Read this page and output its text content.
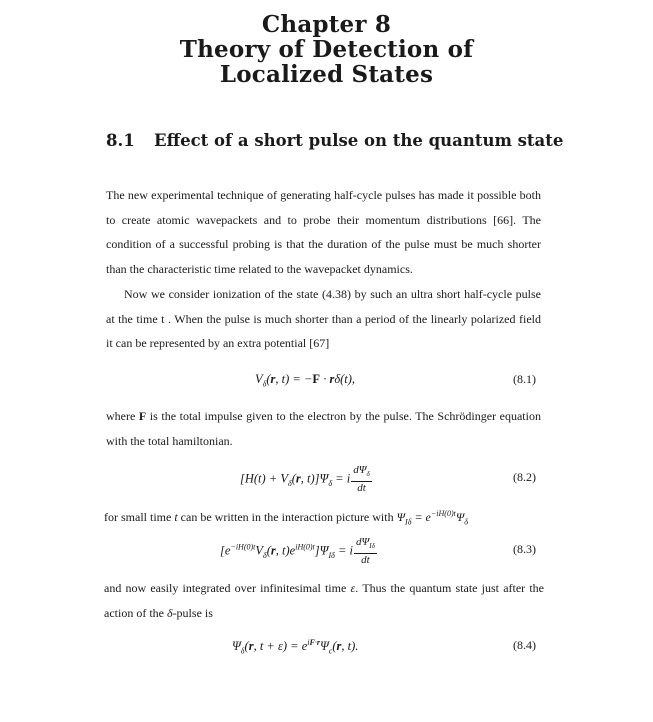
Chapter 8
Theory of Detection of
Localized States
8.1 Effect of a short pulse on the quantum state

The new experimental technique of generating half-cycle pulses has made it possible both to create atomic wavepackets and to probe their momentum distributions [66]. The condition of a successful probing is that the duration of the pulse must be much shorter than the characteristic time related to the wavepacket dynamics.

Now we consider ionization of the state (4.38) by such an ultra short half-cycle pulse at the time t . When the pulse is much shorter than a period of the linearly polarized field it can be represented by an extra potential [67]

$V_\delta(r$, t) = −F · rδ(t),	(8.1)

where F is the total impulse given to the electron by the pulse. The Schrödinger equation with the total hamiltonian.

[$H(t) + V_\delta(r$, $t)]\Psi_\delta = i \frac{d\Psi_\delta}{dt}$	(8.2)

for small time t can be written in the interaction picture with $\Psi_{I\delta} = e^{-iH(0)t}\Psi_\delta$

[$e^{-iH(0)t}V_\delta(r$, $t)e^{iH(0)t}]\Psi_{I\delta} = i \frac{d\Psi_{I\delta}}{dt}$	(8.3)

and now easily integrated over infinitesimal time ε. Thus the quantum state just after the action of the δ-pulse is

$\Psi_\delta(r$, $t + \varepsilon) = e^{iF\cdot r}\Psi_c(r$, t).	(8.4)
